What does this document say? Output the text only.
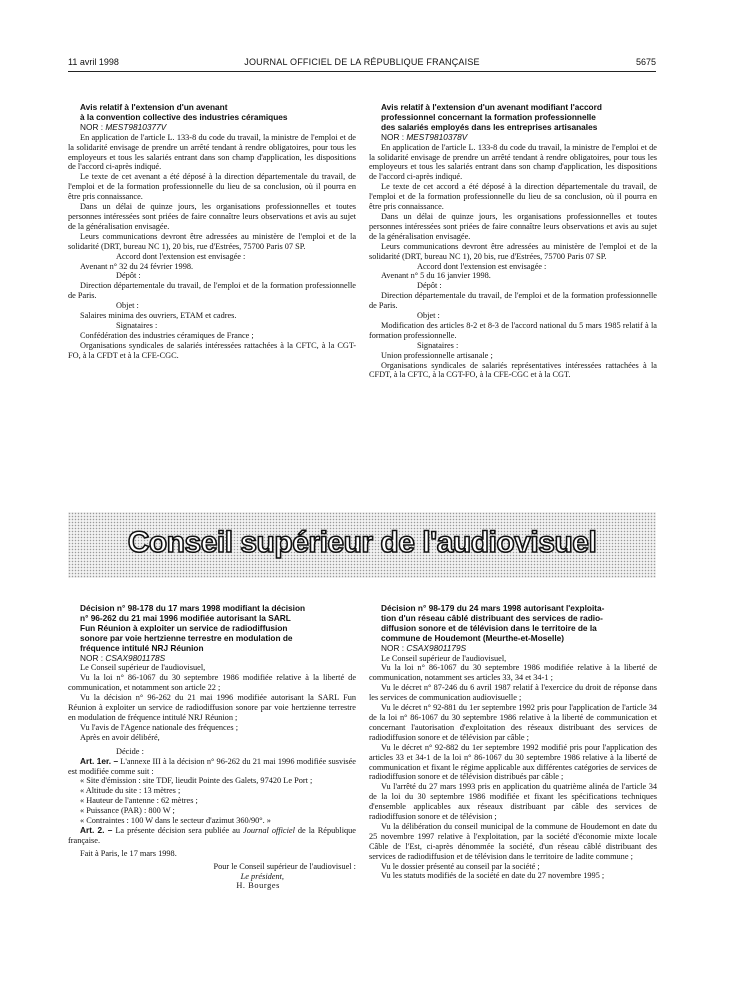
11 avril 1998	JOURNAL OFFICIEL DE LA RÉPUBLIQUE FRANÇAISE	5675

Avis relatif à l'extension d'un avenant

à la convention collective des industries céramiques

NOR : MEST9810377V

En application de l'article L. 133-8 du code du travail, la ministre de l'emploi et de la solidarité envisage de prendre un arrêté tendant à rendre obligatoires, pour tous les employeurs et tous les salariés entrant dans son champ d'application, les dispositions de l'accord ci-après indiqué.

Le texte de cet avenant a été déposé à la direction départementale du travail, de l'emploi et de la formation professionnelle du lieu de sa conclusion, où il pourra en être pris connaissance.

Dans un délai de quinze jours, les organisations professionnelles et toutes personnes intéressées sont priées de faire connaître leurs observations et avis au sujet de la généralisation envisagée.

Leurs communications devront être adressées au ministère de l'emploi et de la solidarité (DRT, bureau NC 1), 20 bis, rue d'Estrées, 75700 Paris 07 SP.

Accord dont l'extension est envisagée :

Avenant n° 32 du 24 février 1998.

Dépôt :

Direction départementale du travail, de l'emploi et de la formation professionnelle de Paris.

Objet :

Salaires minima des ouvriers, ETAM et cadres.

Signataires :

Confédération des industries céramiques de France ;

Organisations syndicales de salariés intéressées rattachées à la CFTC, à la CGT-FO, à la CFDT et à la CFE-CGC.

Avis relatif à l'extension d'un avenant modifiant l'accord

professionnel concernant la formation professionnelle

des salariés employés dans les entreprises artisanales

NOR : MEST9810378V

En application de l'article L. 133-8 du code du travail, la ministre de l'emploi et de la solidarité envisage de prendre un arrêté tendant à rendre obligatoires, pour tous les employeurs et tous les salariés entrant dans son champ d'application, les dispositions de l'accord ci-après indiqué.

Le texte de cet accord a été déposé à la direction départementale du travail, de l'emploi et de la formation professionnelle du lieu de sa conclusion, où il pourra en être pris connaissance.

Dans un délai de quinze jours, les organisations professionnelles et toutes personnes intéressées sont priées de faire connaître leurs observations et avis au sujet de la généralisation envisagée.

Leurs communications devront être adressées au ministère de l'emploi et de la solidarité (DRT, bureau NC 1), 20 bis, rue d'Estrées, 75700 Paris 07 SP.

Accord dont l'extension est envisagée :

Avenant n° 5 du 16 janvier 1998.

Dépôt :

Direction départementale du travail, de l'emploi et de la formation professionnelle de Paris.

Objet :

Modification des articles 8-2 et 8-3 de l'accord national du 5 mars 1985 relatif à la formation professionnelle.

Signataires :

Union professionnelle artisanale ;

Organisations syndicales de salariés représentatives intéressées rattachées à la CFDT, à la CFTC, à la CGT-FO, à la CFE-CGC et à la CGT.

Conseil supérieur de l'audiovisuel

Décision n° 98-178 du 17 mars 1998 modifiant la décision

n° 96-262 du 21 mai 1996 modifiée autorisant la SARL

Fun Réunion à exploiter un service de radiodiffusion

sonore par voie hertzienne terrestre en modulation de

fréquence intitulé NRJ Réunion

NOR : CSAX9801178S

Le Conseil supérieur de l'audiovisuel,

Vu la loi n° 86-1067 du 30 septembre 1986 modifiée relative à la liberté de communication, et notamment son article 22 ;

Vu la décision n° 96-262 du 21 mai 1996 modifiée autorisant la SARL Fun Réunion à exploiter un service de radiodiffusion sonore par voie hertzienne terrestre en modulation de fréquence intitulé NRJ Réunion ;

Vu l'avis de l'Agence nationale des fréquences ;

Après en avoir délibéré,

Décide :

Art. 1er. – L'annexe III à la décision n° 96-262 du 21 mai 1996 modifiée susvisée est modifiée comme suit :

« Site d'émission : site TDF, lieudit Pointe des Galets, 97420 Le Port ;

« Altitude du site : 13 mètres ;

« Hauteur de l'antenne : 62 mètres ;

« Puissance (PAR) : 800 W ;

« Contraintes : 100 W dans le secteur d'azimut 360/90°. »

Art. 2. – La présente décision sera publiée au Journal officiel de la République française.

Fait à Paris, le 17 mars 1998.

Pour le Conseil supérieur de l'audiovisuel :

Le président,

H. Bourges

Décision n° 98-179 du 24 mars 1998 autorisant l'exploita-

tion d'un réseau câblé distribuant des services de radio-

diffusion sonore et de télévision dans le territoire de la

commune de Houdemont (Meurthe-et-Moselle)

NOR : CSAX9801179S

Le Conseil supérieur de l'audiovisuel,

Vu la loi n° 86-1067 du 30 septembre 1986 modifiée relative à la liberté de communication, notamment ses articles 33, 34 et 34-1 ;

Vu le décret n° 87-246 du 6 avril 1987 relatif à l'exercice du droit de réponse dans les services de communication audiovisuelle ;

Vu le décret n° 92-881 du 1er septembre 1992 pris pour l'application de l'article 34 de la loi n° 86-1067 du 30 septembre 1986 relative à la liberté de communication et concernant l'autorisation d'exploitation des réseaux distribuant des services de radiodiffusion sonore et de télévision par câble ;

Vu le décret n° 92-882 du 1er septembre 1992 modifié pris pour l'application des articles 33 et 34-1 de la loi n° 86-1067 du 30 septembre 1986 relative à la liberté de communication et fixant le régime applicable aux différentes catégories de services de radiodiffusion sonore et de télévision distribués par câble ;

Vu l'arrêté du 27 mars 1993 pris en application du quatrième alinéa de l'article 34 de la loi du 30 septembre 1986 modifiée et fixant les spécifications techniques d'ensemble applicables aux réseaux distribuant par câble des services de radiodiffusion sonore et de télévision ;

Vu la délibération du conseil municipal de la commune de Houdemont en date du 25 novembre 1997 relative à l'exploitation, par la société d'économie mixte locale Câble de l'Est, ci-après dénommée la société, d'un réseau câblé distribuant des services de radiodiffusion et de télévision dans le territoire de ladite commune ;

Vu le dossier présenté au conseil par la société ;

Vu les statuts modifiés de la société en date du 27 novembre 1995 ;
